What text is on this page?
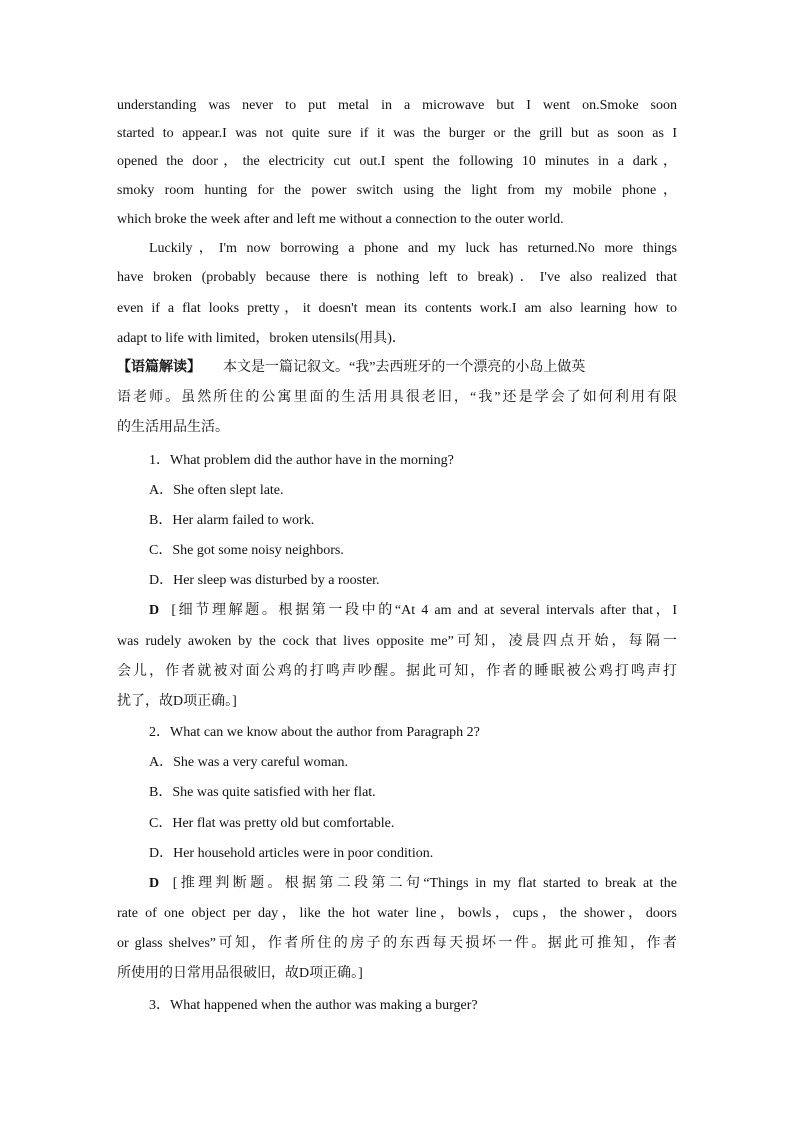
understanding was never to put metal in a microwave but I went on.Smoke soon
started to appear.I was not quite sure if it was the burger or the grill but as soon as I
opened the door，the electricity cut out.I spent the following 10 minutes in a dark，
smoky room hunting for the power switch using the light from my mobile phone，
which broke the week after and left me without a connection to the outer world.
Luckily，I'm now borrowing a phone and my luck has returned.No more things
have broken (probably because there is nothing left to break)．I've also realized that
even if a flat looks pretty，it doesn't mean its contents work.I am also learning how to
adapt to life with limited，broken utensils(用具)．
【语篇解读】 本文是一篇记叙文。“我”去西班牙的一个漂亮的小岛上做英
语老师。虽然所住的公寓里面的生活用具很老旧，“我”还是学会了如何利用有限
的生活用品生活。
1．What problem did the author have in the morning?
A．She often slept late.
B．Her alarm failed to work.
C．She got some noisy neighbors.
D．Her sleep was disturbed by a rooster.
D [细节理解题。根据第一段中的“At 4 am and at several intervals after that，I
was rudely awoken by the cock that lives opposite me”可知，凌晨四点开始，每隔一
会儿，作者就被对面公鸡的打鸣声吵醒。据此可知，作者的睡眠被公鸡打鸣声打
扰了，故D项正确。]
2．What can we know about the author from Paragraph 2?
A．She was a very careful woman.
B．She was quite satisfied with her flat.
C．Her flat was pretty old but comfortable.
D．Her household articles were in poor condition.
D [推理判断题。根据第二段第二句“Things in my flat started to break at the
rate of one object per day，like the hot water line，bowls，cups，the shower，doors
or glass shelves”可知，作者所住的房子的东西每天损坏一件。据此可推知，作者
所使用的日常用品很破旧，故D项正确。]
3．What happened when the author was making a burger?
